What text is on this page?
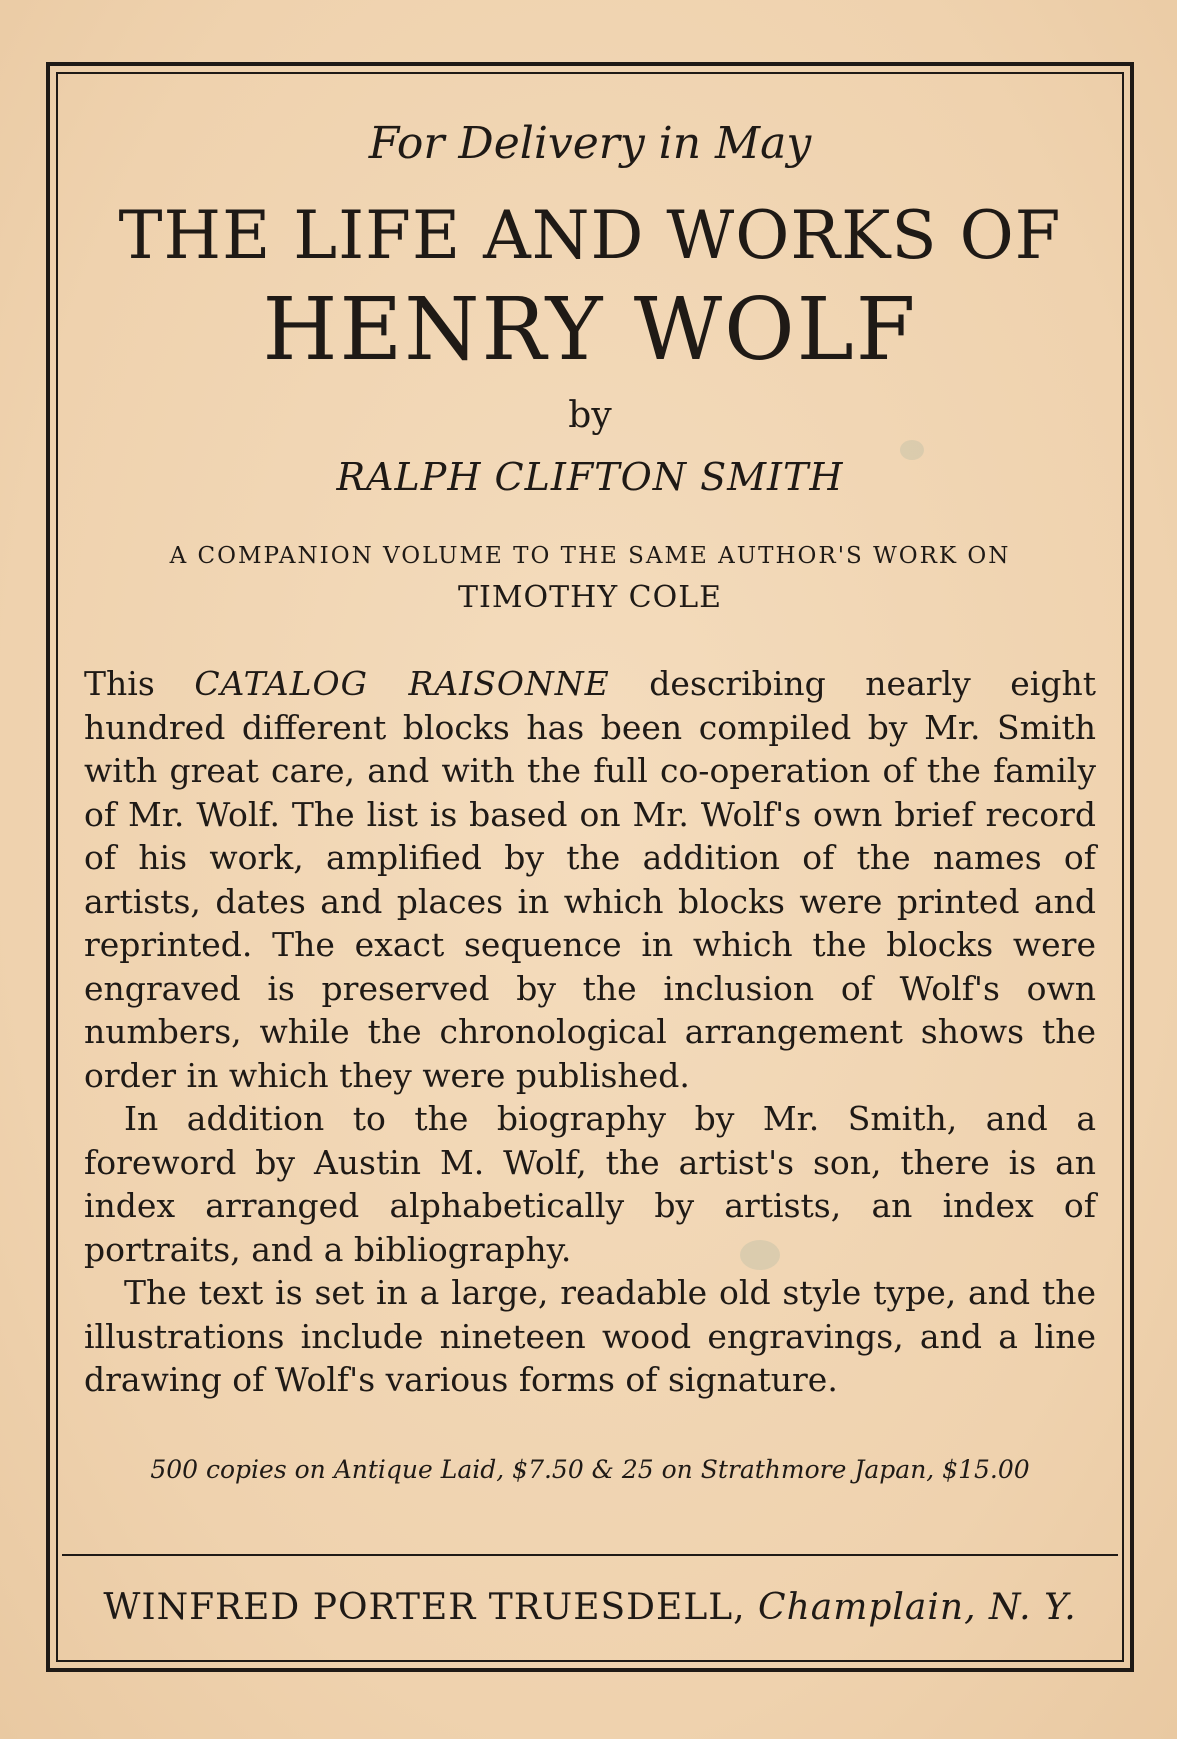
For Delivery in May
THE LIFE AND WORKS OF
HENRY WOLF
by
RALPH CLIFTON SMITH
A COMPANION VOLUME TO THE SAME AUTHOR'S WORK ON
TIMOTHY COLE

This CATALOG RAISONNE describing nearly eight hundred different blocks has been compiled by Mr. Smith with great care, and with the full co-operation of the family of Mr. Wolf. The list is based on Mr. Wolf's own brief record of his work, amplified by the addition of the names of artists, dates and places in which blocks were printed and reprinted. The exact sequence in which the blocks were engraved is preserved by the inclusion of Wolf's own numbers, while the chronological arrangement shows the order in which they were published.

In addition to the biography by Mr. Smith, and a foreword by Austin M. Wolf, the artist's son, there is an index arranged alphabetically by artists, an index of portraits, and a bibliography.

The text is set in a large, readable old style type, and the illustrations include nineteen wood engravings, and a line drawing of Wolf's various forms of signature.

500 copies on Antique Laid, $7.50 & 25 on Strathmore Japan, $15.00
WINFRED PORTER TRUESDELL, Champlain, N. Y.
